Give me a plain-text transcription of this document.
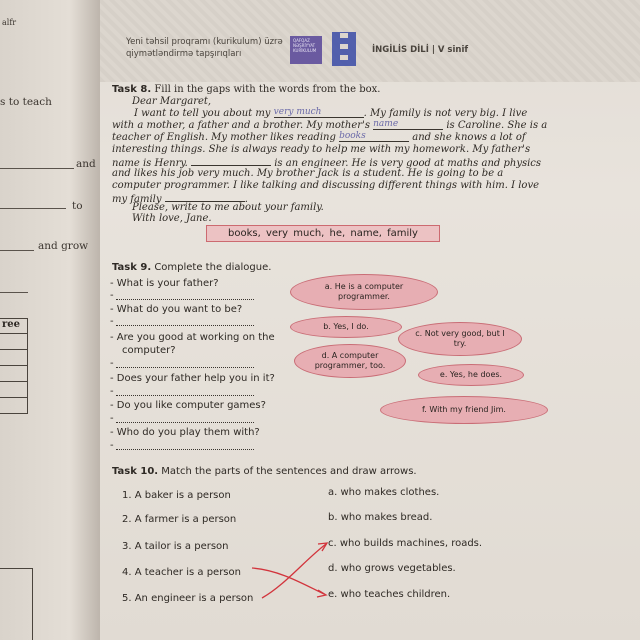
alfr
s to teach
and
to
and grow
ree
Yeni təhsil proqramı (kurikulum) üzrə
qiymətləndirmə tapşırıqları
QAFQAZ NƏŞRİYYAT KURİKULUM	İNGİLİS DİLİ | V sinif
Task 8. Fill in the gaps with the words from the box.
Dear Margaret,
I want to tell you about my very much	. My family is not very big. I live
with a mother, a father and a brother. My mother's name	is Caroline. She is a
teacher of English. My mother likes reading books	and she knows a lot of
interesting things. She is always ready to help me with my homework. My father's
name is Henry.	is an engineer. He is very good at maths and physics
and likes his job very much. My brother Jack is a student. He is going to be a
computer programmer. I like talking and discussing different things with him. I love
my family	.
Please, write to me about your family.
With love, Jane.
books, very much, he, name, family
Task 9. Complete the dialogue.
- What is your father?
-
- What do you want to be?
-
- Are you good at working on the
computer?
-
- Does your father help you in it?
-
- Do you like computer games?
-
- Who do you play them with?
-
a. He is a computer programmer.
b. Yes, I do.
c. Not very good, but I try.
d. A computer programmer, too.
e. Yes, he does.
f. With my friend Jim.
Task 10. Match the parts of the sentences and draw arrows.
1. A baker is a person
2. A farmer is a person
3. A tailor is a person
4. A teacher is a person
5. An engineer is a person
a. who makes clothes.
b. who makes bread.
c. who builds machines, roads.
d. who grows vegetables.
e. who teaches children.
